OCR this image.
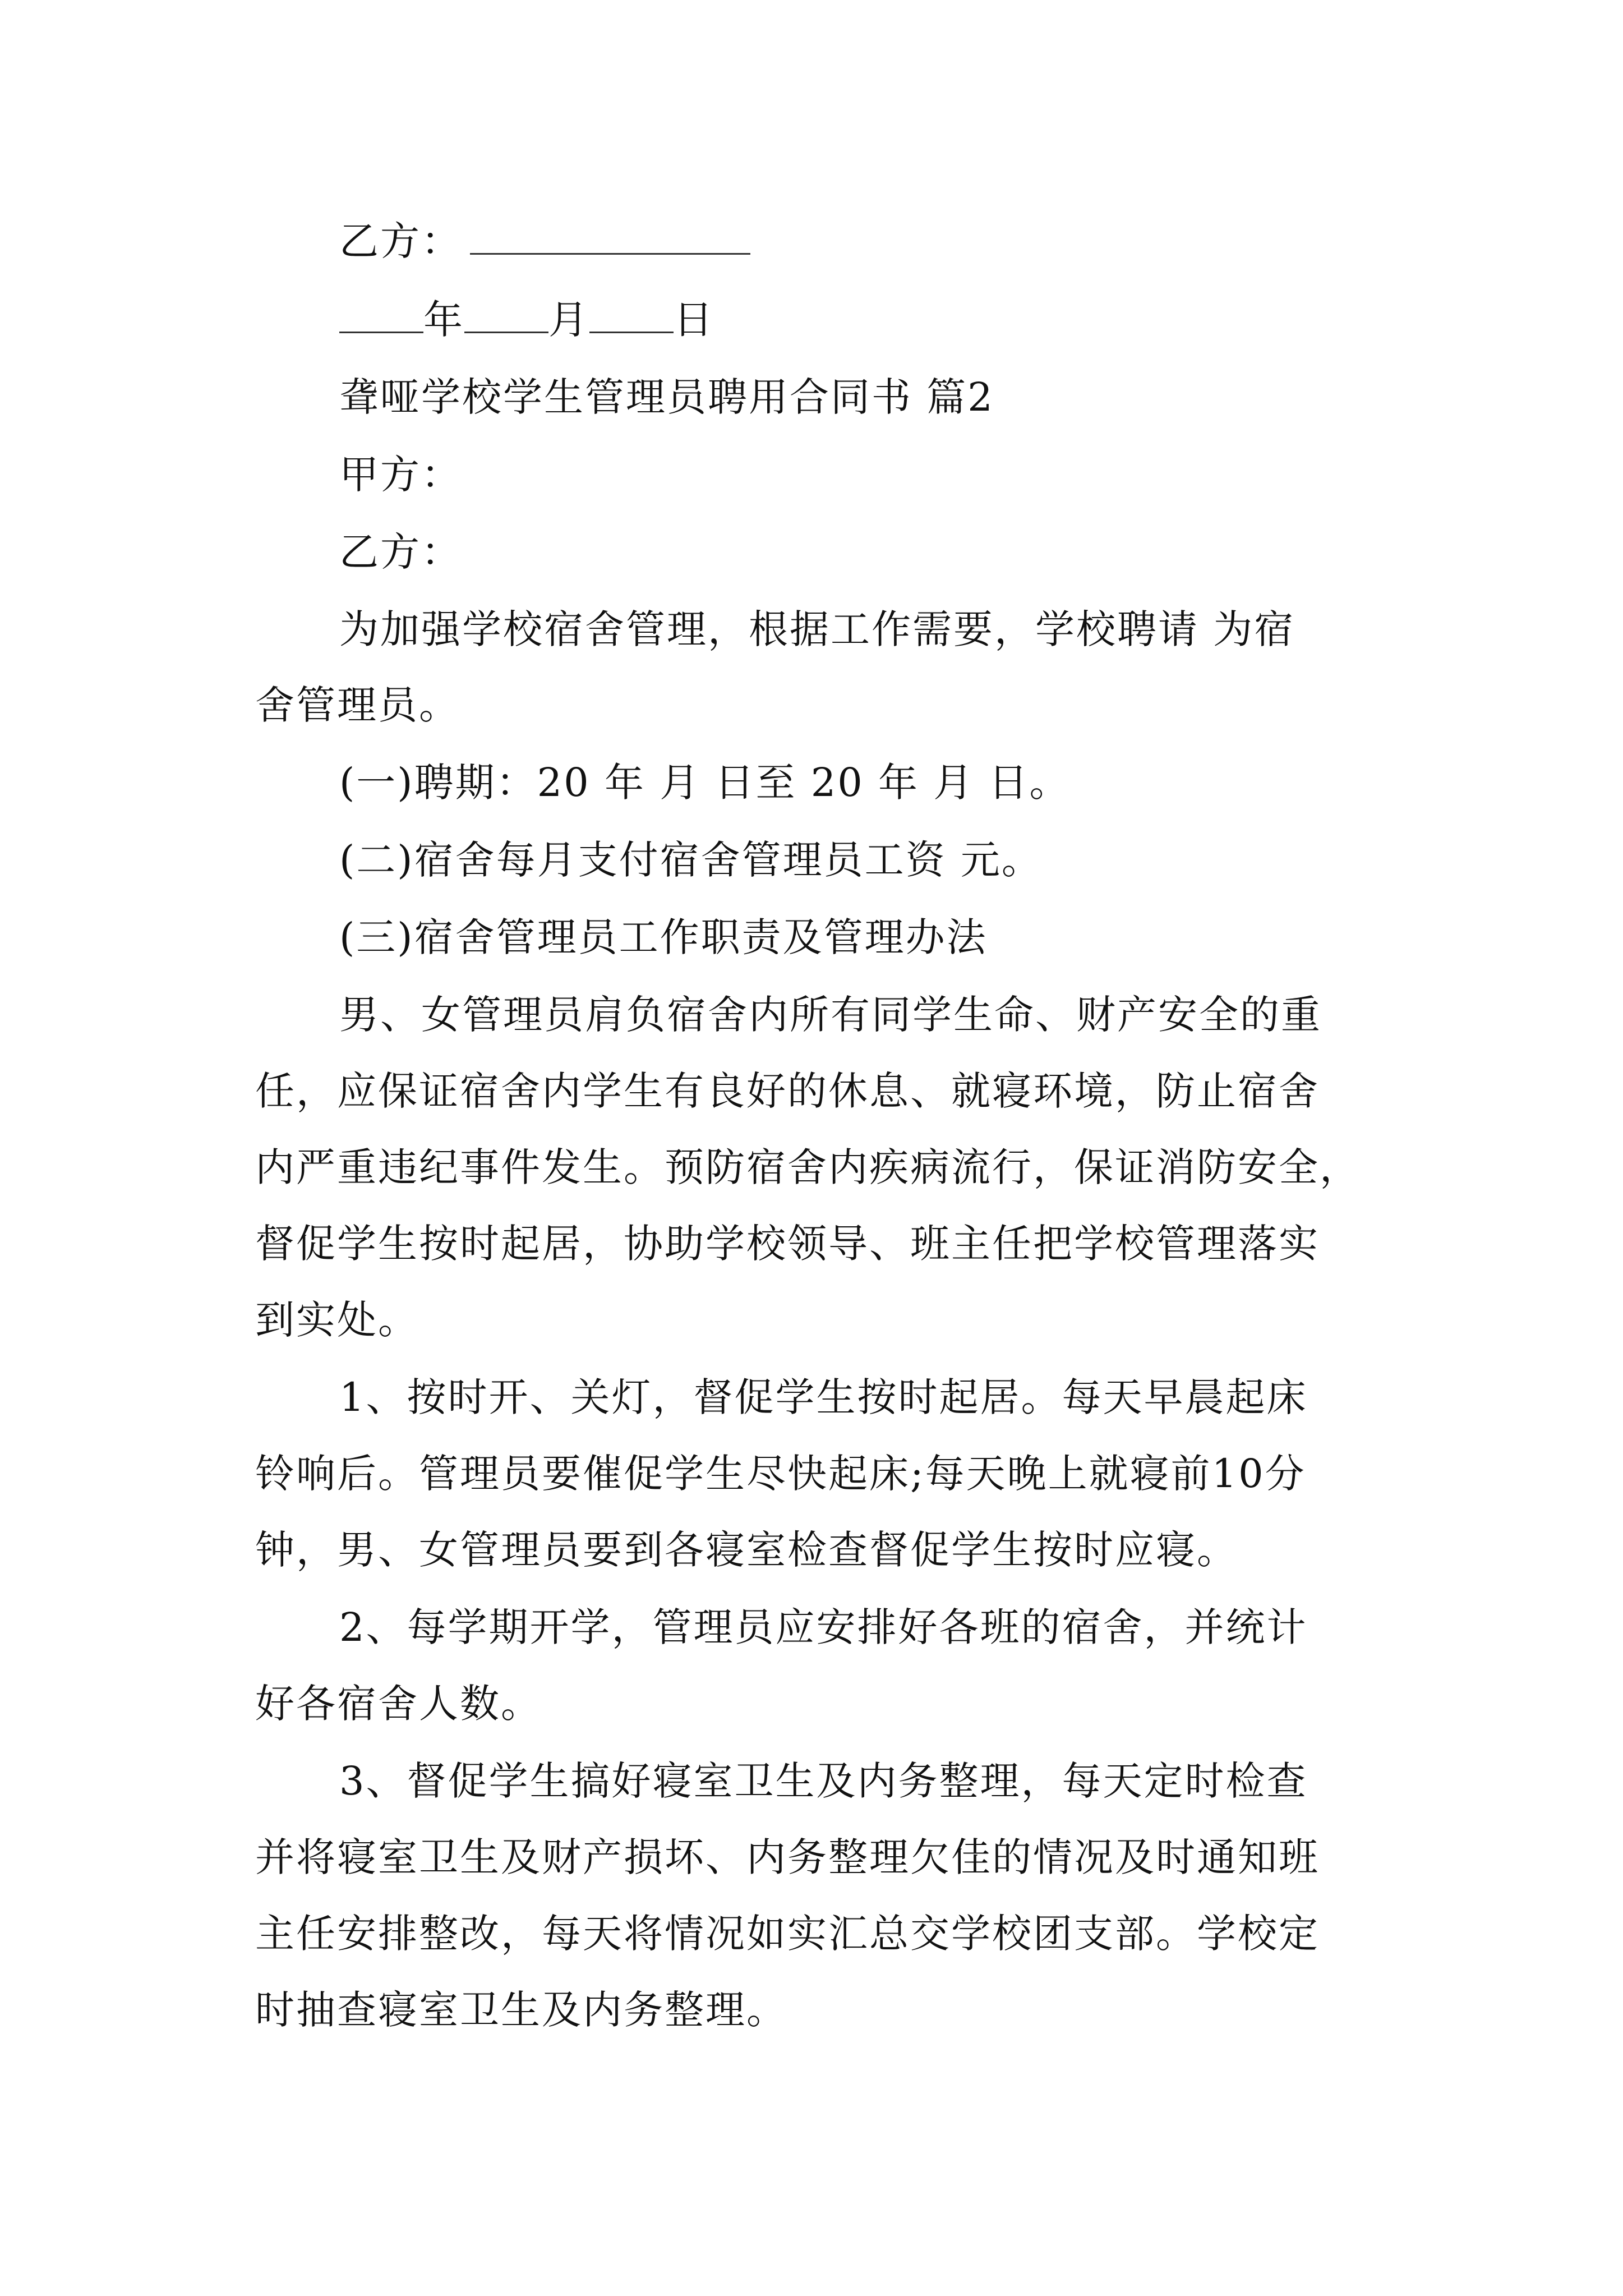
乙方：
年 月 日
聋哑学校学生管理员聘用合同书 篇2
甲方：
乙方：
为加强学校宿舍管理，根据工作需要，学校聘请 为宿
舍管理员。
(一)聘期：20 年 月 日至 20 年 月 日。
(二)宿舍每月支付宿舍管理员工资 元。
(三)宿舍管理员工作职责及管理办法
男、女管理员肩负宿舍内所有同学生命、财产安全的重
任，应保证宿舍内学生有良好的休息、就寝环境，防止宿舍
内严重违纪事件发生。预防宿舍内疾病流行，保证消防安全，
督促学生按时起居，协助学校领导、班主任把学校管理落实
到实处。
1、按时开、关灯，督促学生按时起居。每天早晨起床
铃响后。管理员要催促学生尽快起床;每天晚上就寝前10分
钟，男、女管理员要到各寝室检查督促学生按时应寝。
2、每学期开学，管理员应安排好各班的宿舍，并统计
好各宿舍人数。
3、督促学生搞好寝室卫生及内务整理，每天定时检查
并将寝室卫生及财产损坏、内务整理欠佳的情况及时通知班
主任安排整改，每天将情况如实汇总交学校团支部。学校定
时抽查寝室卫生及内务整理。
